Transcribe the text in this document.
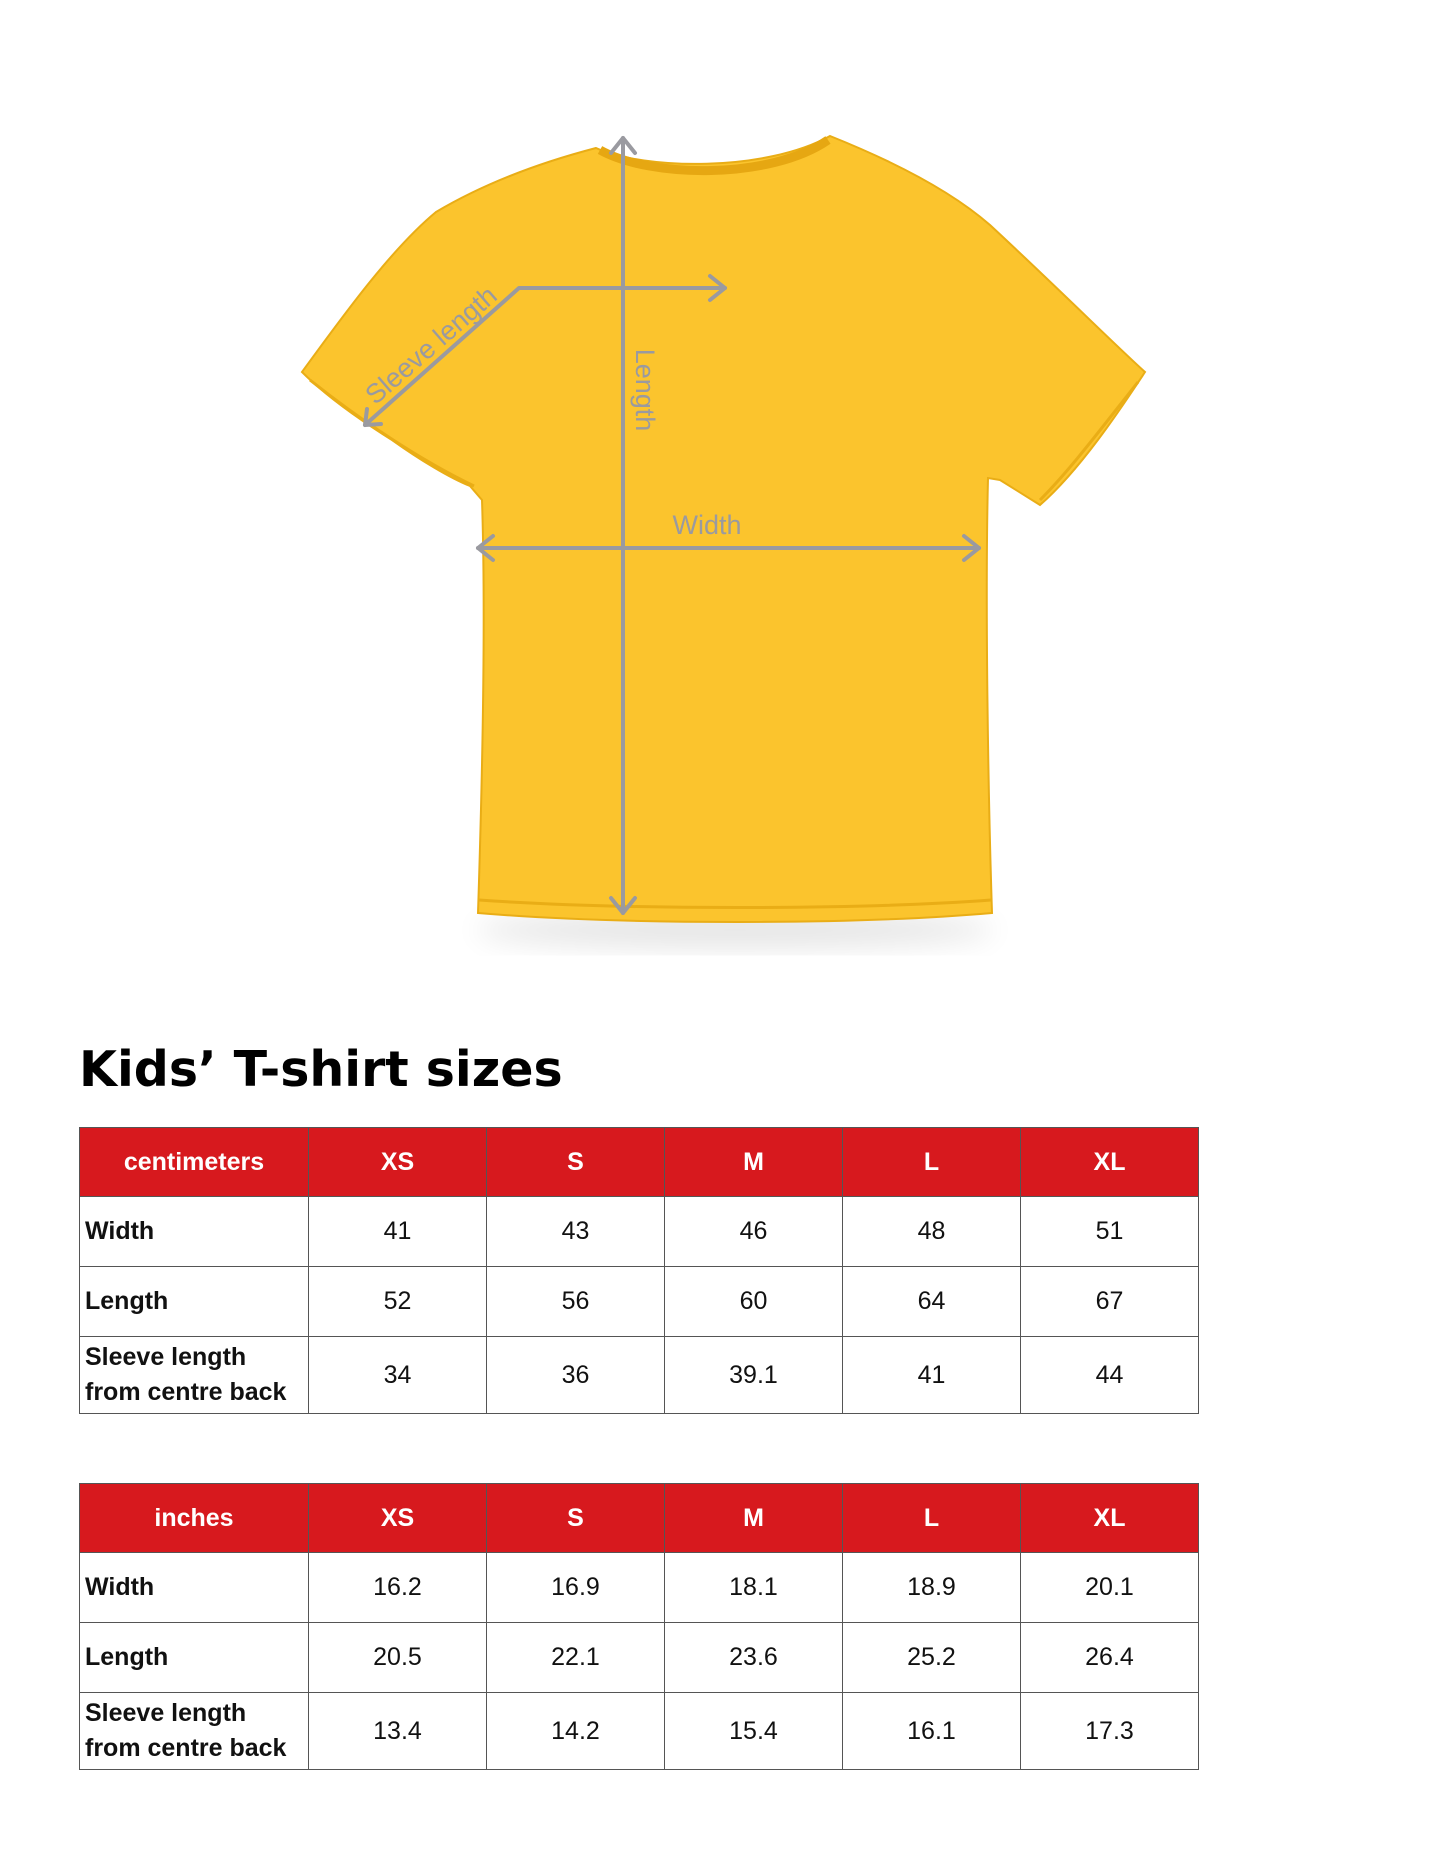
Sleeve length	Length
Width
Kids’ T-shirt sizes
centimeters	XS	S	M	L	XL
Width	41	43	46	48	51
Length	52	56	60	64	67
Sleeve length from centre back	34	36	39.1	41	44
inches	XS	S	M	L	XL
Width	16.2	16.9	18.1	18.9	20.1
Length	20.5	22.1	23.6	25.2	26.4
Sleeve length from centre back	13.4	14.2	15.4	16.1	17.3
